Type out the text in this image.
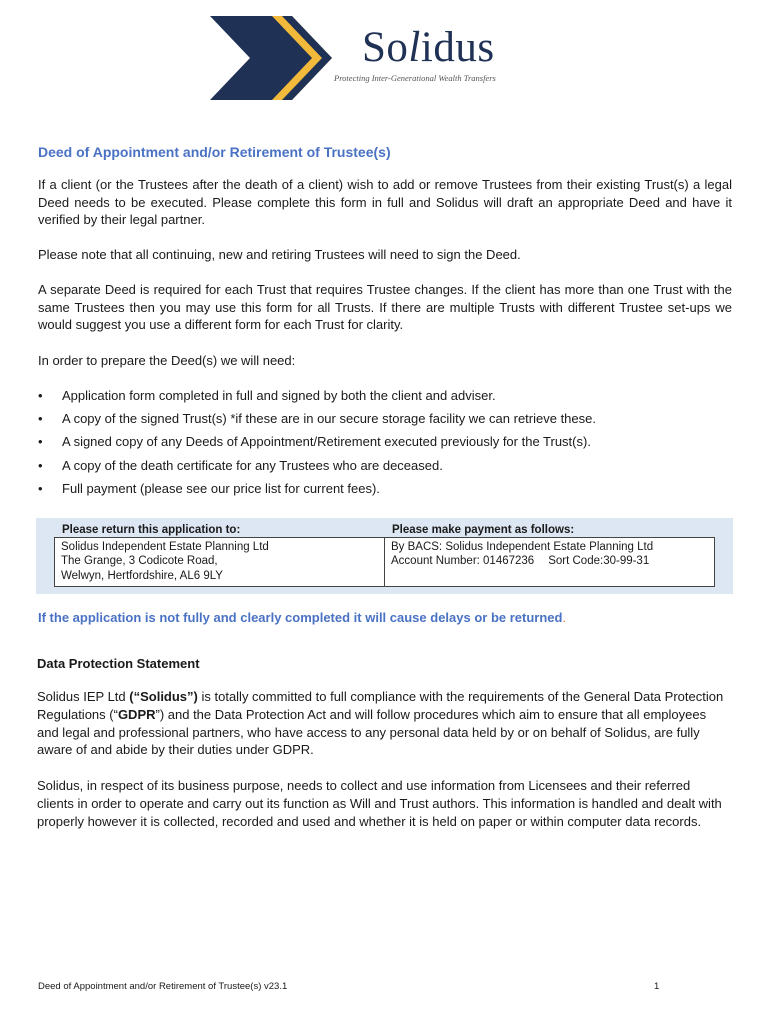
Solidus
Protecting Inter-Generational Wealth Transfers
Deed of Appointment and/or Retirement of Trustee(s)

If a client (or the Trustees after the death of a client) wish to add or remove Trustees from their existing Trust(s) a legal Deed needs to be executed. Please complete this form in full and Solidus will draft an appropriate Deed and have it verified by their legal partner.

Please note that all continuing, new and retiring Trustees will need to sign the Deed.

A separate Deed is required for each Trust that requires Trustee changes. If the client has more than one Trust with the same Trustees then you may use this form for all Trusts. If there are multiple Trusts with different Trustee set-ups we would suggest you use a different form for each Trust for clarity.

In order to prepare the Deed(s) we will need:

• Application form completed in full and signed by both the client and adviser.
• A copy of the signed Trust(s) *if these are in our secure storage facility we can retrieve these.
• A signed copy of any Deeds of Appointment/Retirement executed previously for the Trust(s).
• A copy of the death certificate for any Trustees who are deceased.
• Full payment (please see our price list for current fees).
Please return this application to:	Please make payment as follows:
Solidus Independent Estate Planning Ltd
The Grange, 3 Codicote Road,
Welwyn, Hertfordshire, AL6 9LY
By BACS: Solidus Independent Estate Planning Ltd
Account Number: 01467236 Sort Code:30-99-31
If the application is not fully and clearly completed it will cause delays or be returned.
Data Protection Statement

Solidus IEP Ltd (“Solidus”) is totally committed to full compliance with the requirements of the General Data Protection Regulations (“GDPR”) and the Data Protection Act and will follow procedures which aim to ensure that all employees and legal and professional partners, who have access to any personal data held by or on behalf of Solidus, are fully aware of and abide by their duties under GDPR.

Solidus, in respect of its business purpose, needs to collect and use information from Licensees and their referred clients in order to operate and carry out its function as Will and Trust authors. This information is handled and dealt with properly however it is collected, recorded and used and whether it is held on paper or within computer data records.

Deed of Appointment and/or Retirement of Trustee(s) v23.1	1
